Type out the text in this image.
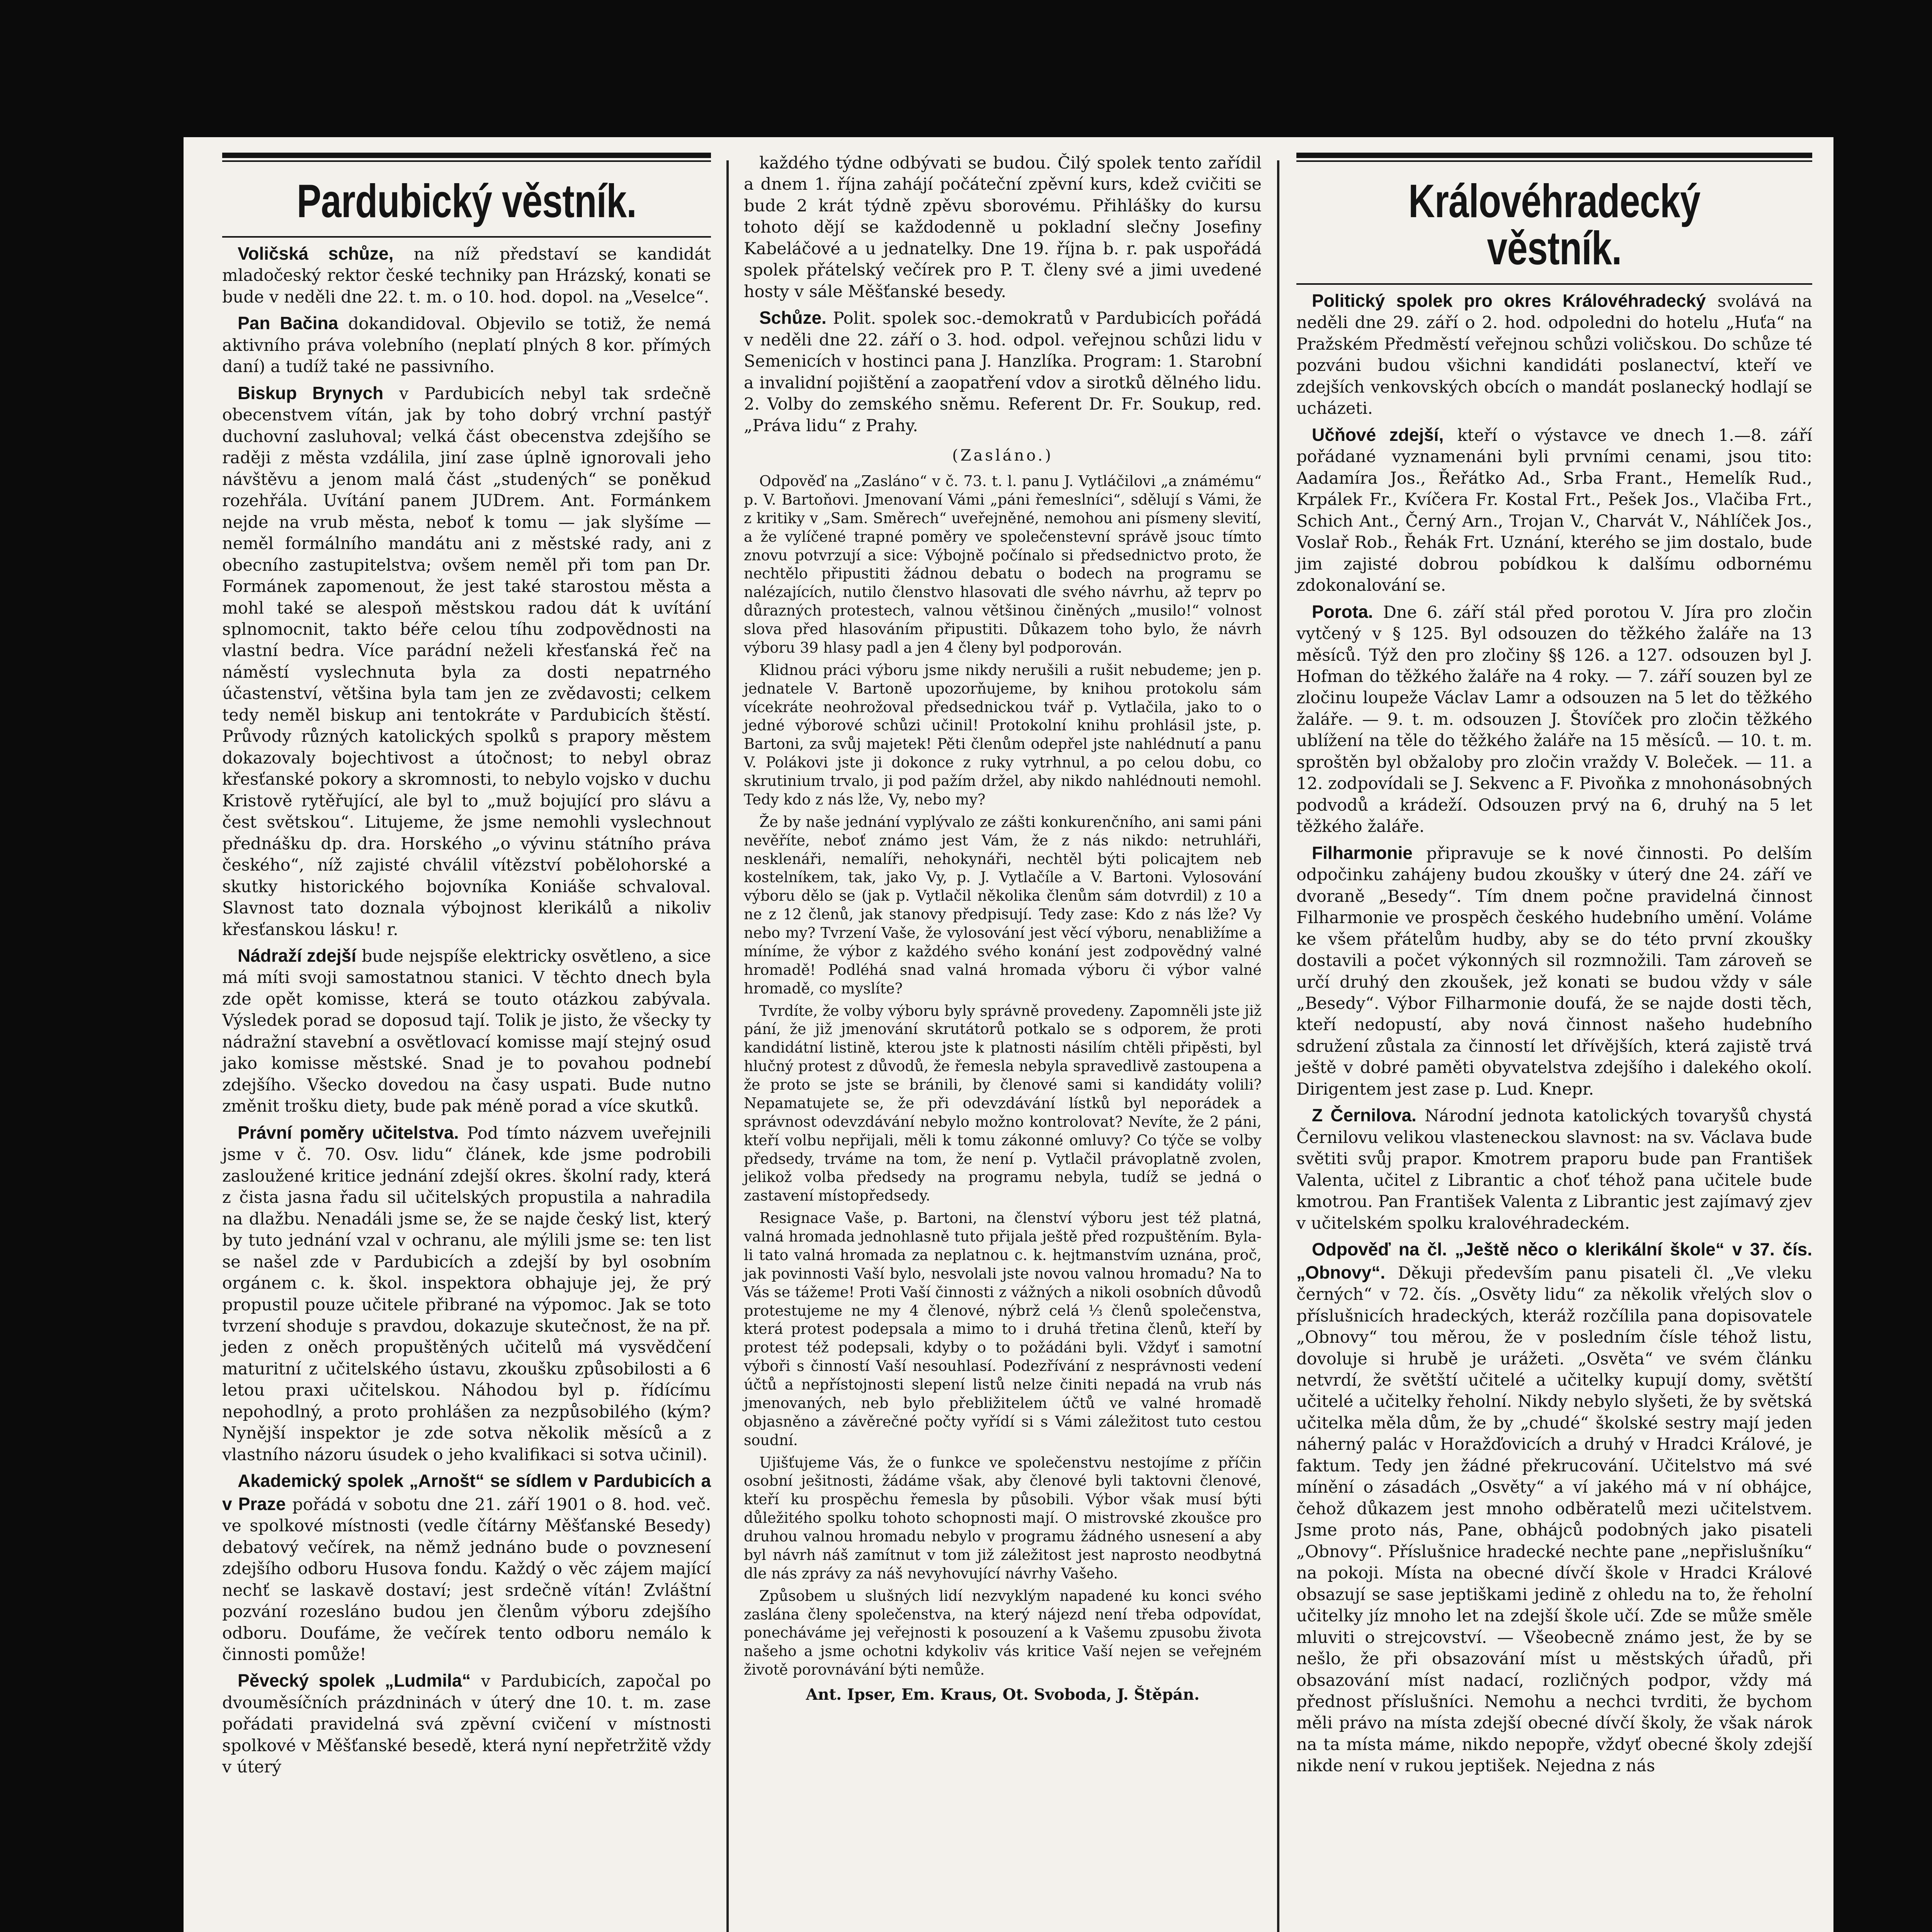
Pardubický věstník.

Voličská schůze, na níž představí se kandidát mladočeský rektor české techniky pan Hrázský, konati se bude v neděli dne 22. t. m. o 10. hod. dopol. na „Veselce“.

Pan Bačina dokandidoval. Objevilo se totiž, že nemá aktivního práva volebního (neplatí plných 8 kor. přímých daní) a tudíž také ne passivního.

Biskup Brynych v Pardubicích nebyl tak srdečně obecenstvem vítán, jak by toho dobrý vrchní pastýř duchovní zasluhoval; velká část obecenstva zdejšího se raději z města vzdálila, jiní zase úplně ignorovali jeho návštěvu a jenom malá část „studených“ se poněkud rozehřála. Uvítání panem JUDrem. Ant. Formánkem nejde na vrub města, neboť k tomu — jak slyšíme — neměl formálního mandátu ani z městské rady, ani z obecního zastupitelstva; ovšem neměl při tom pan Dr. Formánek zapomenout, že jest také starostou města a mohl také se alespoň městskou radou dát k uvítání splnomocnit, takto béře celou tíhu zodpovědnosti na vlastní bedra. Více parádní neželi křesťanská řeč na náměstí vyslechnuta byla za dosti nepatrného účastenství, většina byla tam jen ze zvědavosti; celkem tedy neměl biskup ani tentokráte v Pardubicích štěstí. Průvody různých katolických spolků s prapory městem dokazovaly bojechtivost a útočnost; to nebyl obraz křesťanské pokory a skromnosti, to nebylo vojsko v duchu Kristově rytěřující, ale byl to „muž bojující pro slávu a čest světskou“. Litujeme, že jsme nemohli vyslechnout přednášku dp. dra. Horského „o vývinu státního práva českého“, níž zajisté chválil vítězství pobělohorské a skutky historického bojovníka Koniáše schvaloval. Slavnost tato doznala výbojnost klerikálů a nikoliv křesťanskou lásku! r.

Nádraží zdejší bude nejspíše elektricky osvětleno, a sice má míti svoji samostatnou stanici. V těchto dnech byla zde opět komisse, která se touto otázkou zabývala. Výsledek porad se doposud tají. Tolik je jisto, že všecky ty nádražní stavební a osvětlovací komisse mají stejný osud jako komisse městské. Snad je to povahou podnebí zdejšího. Všecko dovedou na časy uspati. Bude nutno změnit trošku diety, bude pak méně porad a více skutků.

Právní poměry učitelstva. Pod tímto názvem uveřejnili jsme v č. 70. Osv. lidu“ článek, kde jsme podrobili zasloužené kritice jednání zdejší okres. školní rady, která z čista jasna řadu sil učitelských propustila a nahradila na dlažbu. Nenadáli jsme se, že se najde český list, který by tuto jednání vzal v ochranu, ale mýlili jsme se: ten list se našel zde v Pardubicích a zdejší by byl osobním orgánem c. k. škol. inspektora obhajuje jej, že prý propustil pouze učitele přibrané na výpomoc. Jak se toto tvrzení shoduje s pravdou, dokazuje skutečnost, že na př. jeden z oněch propuštěných učitelů má vysvědčení maturitní z učitelského ústavu, zkoušku způsobilosti a 6 letou praxi učitelskou. Náhodou byl p. řídícímu nepohodlný, a proto prohlášen za nezpůsobilého (kým? Nynější inspektor je zde sotva několik měsíců a z vlastního názoru úsudek o jeho kvalifikaci si sotva učinil).

Akademický spolek „Arnošt“ se sídlem v Pardubicích a v Praze pořádá v sobotu dne 21. září 1901 o 8. hod. več. ve spolkové místnosti (vedle čítárny Měšťanské Besedy) debatový večírek, na němž jednáno bude o povznesení zdejšího odboru Husova fondu. Každý o věc zájem mající nechť se laskavě dostaví; jest srdečně vítán! Zvláštní pozvání rozesláno budou jen členům výboru zdejšího odboru. Doufáme, že večírek tento odboru nemálo k činnosti pomůže!

Pěvecký spolek „Ludmila“ v Pardubicích, započal po dvouměsíčních prázdninách v úterý dne 10. t. m. zase pořádati pravidelná svá zpěvní cvičení v místnosti spolkové v Měšťanské besedě, která nyní nepřetržitě vždy v úterý

každého týdne odbývati se budou. Čilý spolek tento zařídil a dnem 1. října zahájí počáteční zpěvní kurs, kdež cvičiti se bude 2 krát týdně zpěvu sborovému. Přihlášky do kursu tohoto dějí se každodenně u pokladní slečny Josefiny Kabeláčové a u jednatelky. Dne 19. října b. r. pak uspořádá spolek přátelský večírek pro P. T. členy své a jimi uvedené hosty v sále Měšťanské besedy.

Schůze. Polit. spolek soc.-demokratů v Pardubicích pořádá v neděli dne 22. září o 3. hod. odpol. veřejnou schůzi lidu v Semenicích v hostinci pana J. Hanzlíka. Program: 1. Starobní a invalidní pojištění a zaopatření vdov a sirotků dělného lidu. 2. Volby do zemského sněmu. Referent Dr. Fr. Soukup, red. „Práva lidu“ z Prahy.

(Zasláno.)

Odpověď na „Zasláno“ v č. 73. t. l. panu J. Vytláčilovi „a známému“ p. V. Bartoňovi. Jmenovaní Vámi „páni řemeslníci“, sdělují s Vámi, že z kritiky v „Sam. Směrech“ uveřejněné, nemohou ani písmeny slevití, a že vylíčené trapné poměry ve společenstevní správě jsouc tímto znovu potvrzují a sice: Výbojně počínalo si předsednictvo proto, že nechtělo připustiti žádnou debatu o bodech na programu se nalézajících, nutilo členstvo hlasovati dle svého návrhu, až teprv po důrazných protestech, valnou většinou činěných „musilo!“ volnost slova před hlasováním připustiti. Důkazem toho bylo, že návrh výboru 39 hlasy padl a jen 4 členy byl podporován.

Klidnou práci výboru jsme nikdy nerušili a rušit nebudeme; jen p. jednatele V. Bartoně upozorňujeme, by knihou protokolu sám vícekráte neohrožoval předsednickou tvář p. Vytlačila, jako to o jedné výborové schůzi učinil! Protokolní knihu prohlásil jste, p. Bartoni, za svůj majetek! Pěti členům odepřel jste nahlédnutí a panu V. Polákovi jste ji dokonce z ruky vytrhnul, a po celou dobu, co skrutinium trvalo, ji pod pažím držel, aby nikdo nahlédnouti nemohl. Tedy kdo z nás lže, Vy, nebo my?

Že by naše jednání vyplývalo ze zášti konkurenčního, ani sami páni nevěříte, neboť známo jest Vám, že z nás nikdo: netruhláři, nesklenáři, nemalíři, nehokynáři, nechtěl býti policajtem neb kostelníkem, tak, jako Vy, p. J. Vytlačíle a V. Bartoni. Vylosování výboru dělo se (jak p. Vytlačil několika členům sám dotvrdil) z 10 a ne z 12 členů, jak stanovy předpisují. Tedy zase: Kdo z nás lže? Vy nebo my? Tvrzení Vaše, že vylosování jest věcí výboru, nenabližíme a míníme, že výbor z každého svého konání jest zodpovědný valné hromadě! Podléhá snad valná hromada výboru či výbor valné hromadě, co myslíte?

Tvrdíte, že volby výboru byly správně provedeny. Zapomněli jste již pání, že již jmenování skrutátorů potkalo se s odporem, že proti kandidátní listině, kterou jste k platnosti násilím chtěli připěsti, byl hlučný protest z důvodů, že řemesla nebyla spravedlivě zastoupena a že proto se jste se bránili, by členové sami si kandidáty volili? Nepamatujete se, že při odevzdávání lístků byl neporádek a správnost odevzdávání nebylo možno kontrolovat? Nevíte, že 2 páni, kteří volbu nepřijali, měli k tomu zákonné omluvy? Co týče se volby předsedy, trváme na tom, že není p. Vytlačil právoplatně zvolen, jelikož volba předsedy na programu nebyla, tudíž se jedná o zastavení místopředsedy.

Resignace Vaše, p. Bartoni, na členství výboru jest též platná, valná hromada jednohlasně tuto přijala ještě před rozpuštěním. Byla-li tato valná hromada za neplatnou c. k. hejtmanstvím uznána, proč, jak povinnosti Vaší bylo, nesvolali jste novou valnou hromadu? Na to Vás se tážeme! Proti Vaší činnosti z vážných a nikoli osobních důvodů protestujeme ne my 4 členové, nýbrž celá ⅓ členů společenstva, která protest podepsala a mimo to i druhá třetina členů, kteří by protest též podepsali, kdyby o to požádáni byli. Vždyť i samotní výboři s činností Vaší nesouhlasí. Podezřívání z nesprávnosti vedení účtů a nepřístojnosti slepení listů nelze činiti nepadá na vrub nás jmenovaných, neb bylo přebližitelem účtů ve valné hromadě objasněno a závěrečné počty vyřídí si s Vámi záležitost tuto cestou soudní.

Ujišťujeme Vás, že o funkce ve společenstvu nestojíme z příčin osobní ješitnosti, žádáme však, aby členové byli taktovni členové, kteří ku prospěchu řemesla by působili. Výbor však musí býti důležitého spolku tohoto schopnosti mají. O mistrovské zkoušce pro druhou valnou hromadu nebylo v programu žádného usnesení a aby byl návrh náš zamítnut v tom již záležitost jest naprosto neodbytná dle nás zprávy za náš nevyhovující návrhy Vašeho.

Způsobem u slušných lidí nezvyklým napadené ku konci svého zaslána členy společenstva, na který nájezd není třeba odpovídat, ponecháváme jej veřejnosti k posouzení a k Vašemu zpusobu života našeho a jsme ochotni kdykoliv vás kritice Vaší nejen se veřejném životě porovnávání býti nemůže.

Ant. Ipser, Em. Kraus, Ot. Svoboda, J. Štěpán.
Královéhradecký věstník.

Politický spolek pro okres Královéhradecký svolává na neděli dne 29. září o 2. hod. odpoledni do hotelu „Huťa“ na Pražském Předměstí veřejnou schůzi voličskou. Do schůze té pozváni budou všichni kandidáti poslanectví, kteří ve zdejších venkovských obcích o mandát poslanecký hodlají se ucházeti.

Učňové zdejší, kteří o výstavce ve dnech 1.—8. září pořádané vyznamenáni byli prvními cenami, jsou tito: Aadamíra Jos., Řeřátko Ad., Srba Frant., Hemelík Rud., Krpálek Fr., Kvíčera Fr. Kostal Frt., Pešek Jos., Vlačiba Frt., Schich Ant., Černý Arn., Trojan V., Charvát V., Náhlíček Jos., Voslař Rob., Řehák Frt. Uznání, kterého se jim dostalo, bude jim zajisté dobrou pobídkou k dalšímu odbornému zdokonalování se.

Porota. Dne 6. září stál před porotou V. Jíra pro zločin vytčený v § 125. Byl odsouzen do těžkého žaláře na 13 měsíců. Týž den pro zločiny §§ 126. a 127. odsouzen byl J. Hofman do těžkého žaláře na 4 roky. — 7. září souzen byl ze zločinu loupeže Václav Lamr a odsouzen na 5 let do těžkého žaláře. — 9. t. m. odsouzen J. Štovíček pro zločin těžkého ublížení na těle do těžkého žaláře na 15 měsíců. — 10. t. m. sproštěn byl obžaloby pro zločin vraždy V. Boleček. — 11. a 12. zodpovídali se J. Sekvenc a F. Pivoňka z mnohonásobných podvodů a krádeží. Odsouzen prvý na 6, druhý na 5 let těžkého žaláře.

Filharmonie připravuje se k nové činnosti. Po delším odpočinku zahájeny budou zkoušky v úterý dne 24. září ve dvoraně „Besedy“. Tím dnem počne pravidelná činnost Filharmonie ve prospěch českého hudebního umění. Voláme ke všem přátelům hudby, aby se do této první zkoušky dostavili a počet výkonných sil rozmnožili. Tam zároveň se určí druhý den zkoušek, jež konati se budou vždy v sále „Besedy“. Výbor Filharmonie doufá, že se najde dosti těch, kteří nedopustí, aby nová činnost našeho hudebního sdružení zůstala za činností let dřívějších, která zajistě trvá ještě v dobré paměti obyvatelstva zdejšího i dalekého okolí. Dirigentem jest zase p. Lud. Knepr.

Z Černilova. Národní jednota katolických tovaryšů chystá Černilovu velikou vlasteneckou slavnost: na sv. Václava bude světiti svůj prapor. Kmotrem praporu bude pan František Valenta, učitel z Librantic a choť téhož pana učitele bude kmotrou. Pan František Valenta z Librantic jest zajímavý zjev v učitelském spolku kralovéhradeckém.

Odpověď na čl. „Ještě něco o klerikální škole“ v 37. čís. „Obnovy“. Děkuji především panu pisateli čl. „Ve vleku černých“ v 72. čís. „Osvěty lidu“ za několik vřelých slov o příslušnicích hradeckých, kteráž rozčílila pana dopisovatele „Obnovy“ tou měrou, že v posledním čísle téhož listu, dovoluje si hrubě je urážeti. „Osvěta“ ve svém článku netvrdí, že světští učitelé a učitelky kupují domy, světští učitelé a učitelky řeholní. Nikdy nebylo slyšeti, že by světská učitelka měla dům, že by „chudé“ školské sestry mají jeden náherný palác v Horažďovicích a druhý v Hradci Králové, je faktum. Tedy jen žádné překrucování. Učitelstvo má své mínění o zásadách „Osvěty“ a ví jakého má v ní obhájce, čehož důkazem jest mnoho odběratelů mezi učitelstvem. Jsme proto nás, Pane, obhájců podobných jako pisateli „Obnovy“. Příslušnice hradecké nechte pane „nepřislušníku“ na pokoji. Místa na obecné dívčí škole v Hradci Králové obsazují se sase jeptiškami jedině z ohledu na to, že řeholní učitelky jíz mnoho let na zdejší škole učí. Zde se může směle mluviti o strejcovství. — Všeobecně známo jest, že by se nešlo, že při obsazování míst u městských úřadů, při obsazování míst nadací, rozličných podpor, vždy má přednost příslušníci. Nemohu a nechci tvrditi, že bychom měli právo na místa zdejší obecné dívčí školy, že však nárok na ta místa máme, nikdo nepopře, vždyť obecné školy zdejší nikde není v rukou jeptišek. Nejedna z nás
